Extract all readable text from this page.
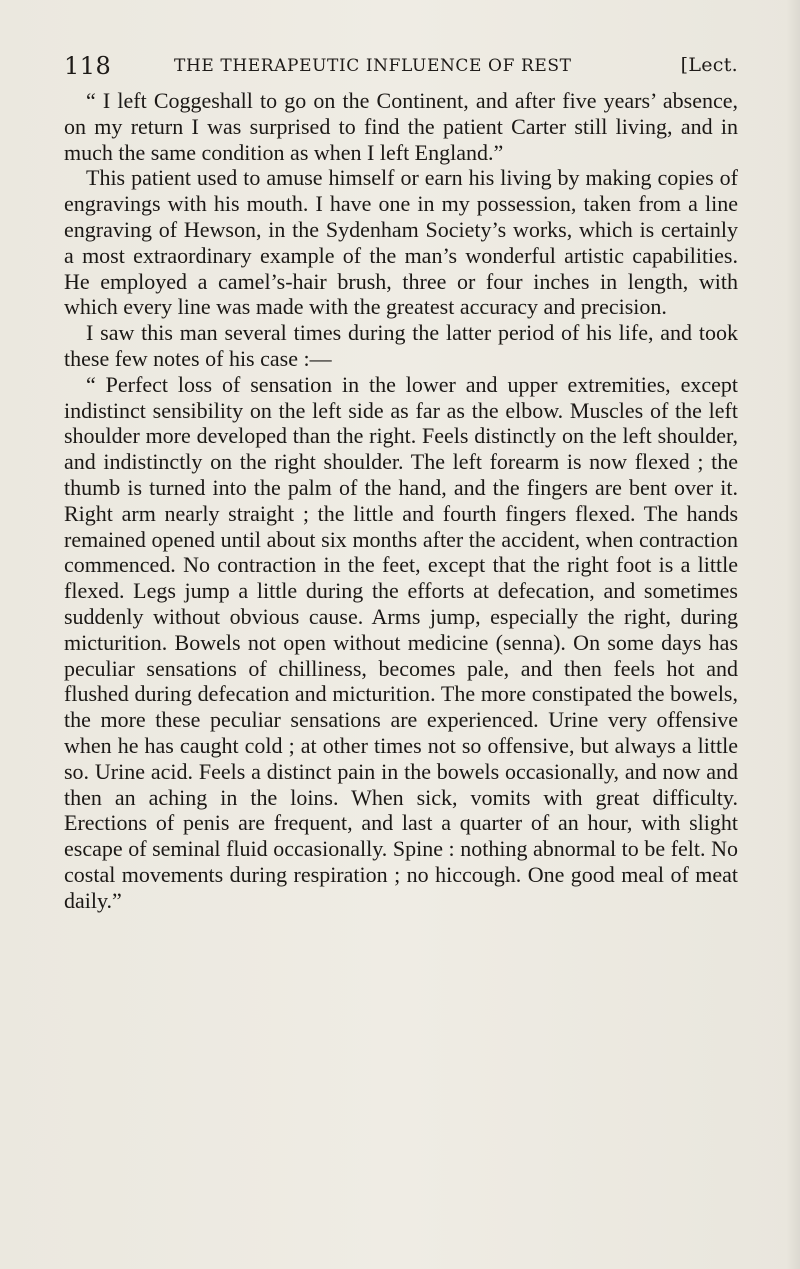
118	THE THERAPEUTIC INFLUENCE OF REST	[Lect.

“ I left Coggeshall to go on the Continent, and after five years’ absence, on my return I was surprised to find the patient Carter still living, and in much the same condition as when I left England.”

This patient used to amuse himself or earn his living by making copies of engravings with his mouth. I have one in my possession, taken from a line engraving of Hewson, in the Sydenham Society’s works, which is certainly a most extraordinary example of the man’s wonderful artistic capabilities. He employed a camel’s-hair brush, three or four inches in length, with which every line was made with the greatest accuracy and precision.

I saw this man several times during the latter period of his life, and took these few notes of his case :—

“ Perfect loss of sensation in the lower and upper extremities, except indistinct sensibility on the left side as far as the elbow. Muscles of the left shoulder more developed than the right. Feels distinctly on the left shoulder, and indistinctly on the right shoulder. The left forearm is now flexed ; the thumb is turned into the palm of the hand, and the fingers are bent over it. Right arm nearly straight ; the little and fourth fingers flexed. The hands remained opened until about six months after the accident, when contraction commenced. No contraction in the feet, except that the right foot is a little flexed. Legs jump a little during the efforts at defecation, and sometimes suddenly without obvious cause. Arms jump, especially the right, during micturition. Bowels not open without medicine (senna). On some days has peculiar sensations of chilliness, becomes pale, and then feels hot and flushed during defecation and micturition. The more constipated the bowels, the more these peculiar sensations are experienced. Urine very offensive when he has caught cold ; at other times not so offensive, but always a little so. Urine acid. Feels a distinct pain in the bowels occasionally, and now and then an aching in the loins. When sick, vomits with great difficulty. Erections of penis are frequent, and last a quarter of an hour, with slight escape of seminal fluid occasionally. Spine : nothing abnormal to be felt. No costal movements during respiration ; no hiccough. One good meal of meat daily.”
